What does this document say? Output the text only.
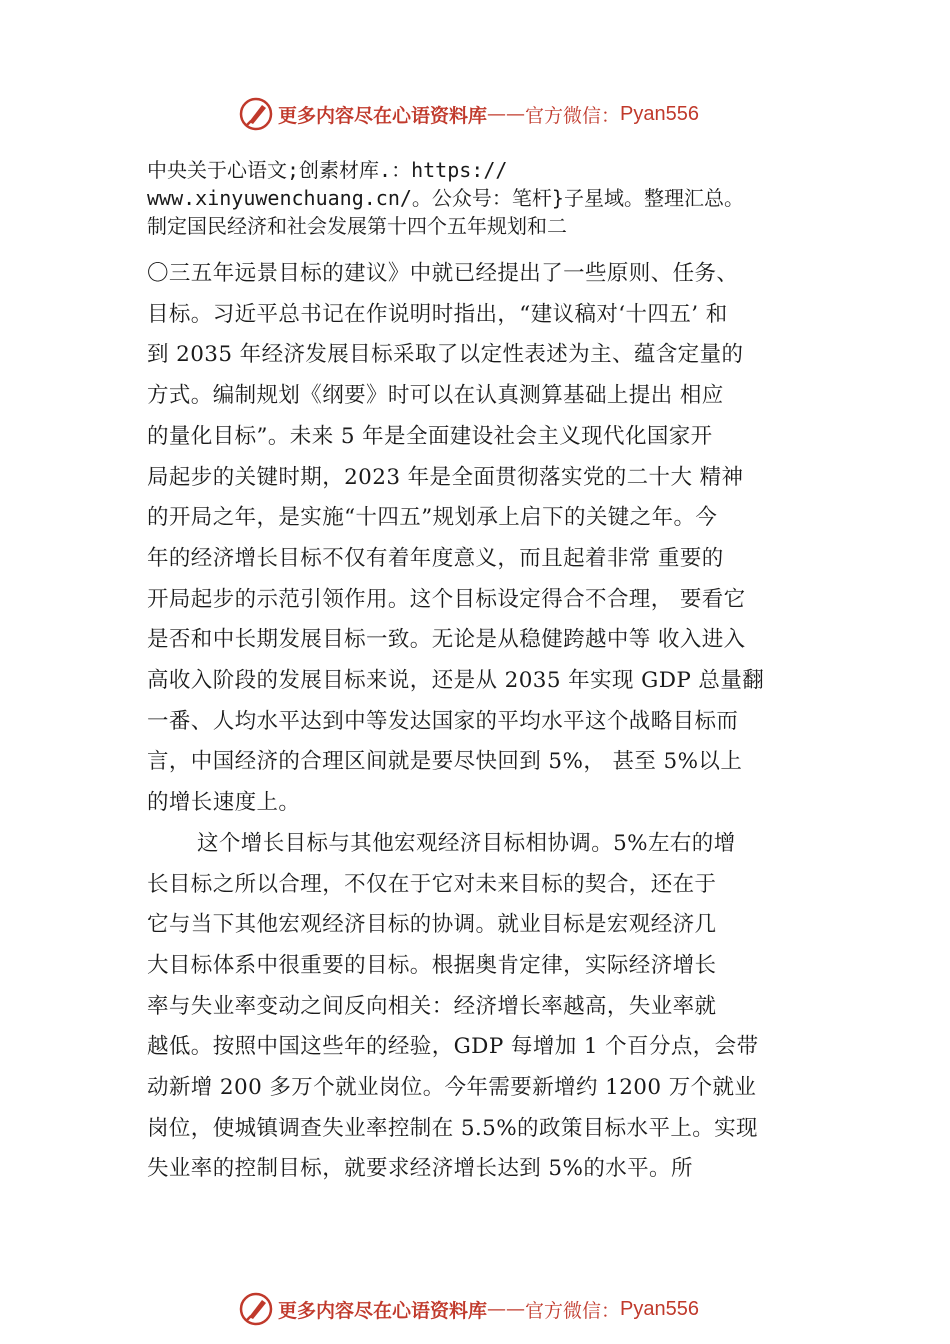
更多内容尽在心语资料库 —— 官方微信： Pyan556
中央关于心语文;创素材库.：https://
www.xinyuwenchuang.cn/。公众号：笔杆}子星域。整理汇总。
制定国民经济和社会发展第十四个五年规划和二
〇三五年远景目标的建议》中就已经提出了一些原则、任务、
目标。习近平总书记在作说明时指出，“建议稿对‘十四五’ 和
到 2035 年经济发展目标采取了以定性表述为主、蕴含定量的
方式。编制规划《纲要》时可以在认真测算基础上提出 相应
的量化目标”。未来 5 年是全面建设社会主义现代化国家开
局起步的关键时期，2023 年是全面贯彻落实党的二十大 精神
的开局之年，是实施“十四五”规划承上启下的关键之年。今
年的经济增长目标不仅有着年度意义，而且起着非常 重要的
开局起步的示范引领作用。这个目标设定得合不合理， 要看它
是否和中长期发展目标一致。无论是从稳健跨越中等 收入进入
高收入阶段的发展目标来说，还是从 2035 年实现 GDP 总量翻
一番、人均水平达到中等发达国家的平均水平这个战略目标而
言，中国经济的合理区间就是要尽快回到 5%， 甚至 5%以上
的增长速度上。
这个增长目标与其他宏观经济目标相协调。5%左右的增
长目标之所以合理，不仅在于它对未来目标的契合，还在于
它与当下其他宏观经济目标的协调。就业目标是宏观经济几
大目标体系中很重要的目标。根据奥肯定律，实际经济增长
率与失业率变动之间反向相关：经济增长率越高，失业率就
越低。按照中国这些年的经验，GDP 每增加 1 个百分点，会带
动新增 200 多万个就业岗位。今年需要新增约 1200 万个就业
岗位，使城镇调查失业率控制在 5.5%的政策目标水平上。实现
失业率的控制目标，就要求经济增长达到 5%的水平。所
更多内容尽在心语资料库 —— 官方微信： Pyan556
